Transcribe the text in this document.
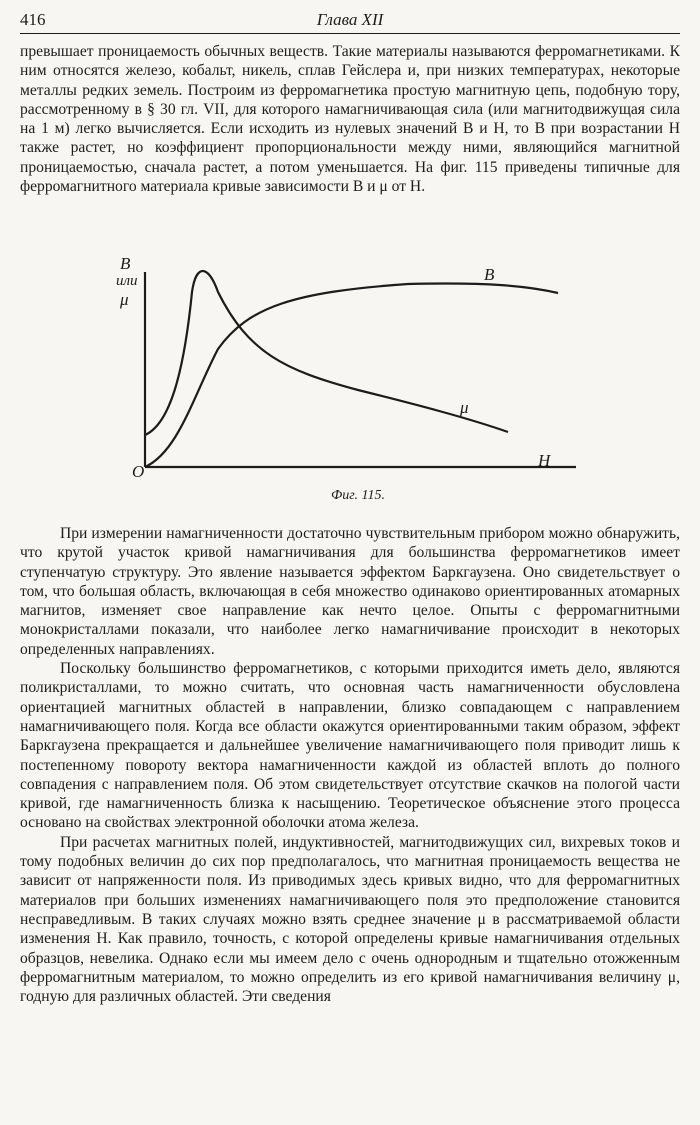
416	Глава XII

превышает проницаемость обычных веществ. Такие материалы называются ферромагнетиками. К ним относятся железо, кобальт, никель, сплав Гейслера и, при низких температурах, некоторые металлы редких земель. Построим из ферромагнетика простую магнитную цепь, подобную тору, рассмотренному в § 30 гл. VII, для которого намагничивающая сила (или магнитодвижущая сила на 1 м) легко вычисляется. Если исходить из нулевых значений B и H, то B при возрастании H также растет, но коэффициент пропорциональности между ними, являющийся магнитной проницаемостью, сначала растет, а потом уменьшается. На фиг. 115 приведены типичные для ферромагнитного материала кривые зависимости B и μ от H.

B
или
μ
O
H
B
μ
Фиг. 115.

При измерении намагниченности достаточно чувствительным прибором можно обнаружить, что крутой участок кривой намагничивания для большинства ферромагнетиков имеет ступенчатую структуру. Это явление называется эффектом Баркгаузена. Оно свидетельствует о том, что большая область, включающая в себя множество одинаково ориентированных атомарных магнитов, изменяет свое направление как нечто целое. Опыты с ферромагнитными монокристаллами показали, что наиболее легко намагничивание происходит в некоторых определенных направлениях.

Поскольку большинство ферромагнетиков, с которыми приходится иметь дело, являются поликристаллами, то можно считать, что основная часть намагниченности обусловлена ориентацией магнитных областей в направлении, близко совпадающем с направлением намагничивающего поля. Когда все области окажутся ориентированными таким образом, эффект Баркгаузена прекращается и дальнейшее увеличение намагничивающего поля приводит лишь к постепенному повороту вектора намагниченности каждой из областей вплоть до полного совпадения с направлением поля. Об этом свидетельствует отсутствие скачков на пологой части кривой, где намагниченность близка к насыщению. Теоретическое объяснение этого процесса основано на свойствах электронной оболочки атома железа.

При расчетах магнитных полей, индуктивностей, магнитодвижущих сил, вихревых токов и тому подобных величин до сих пор предполагалось, что магнитная проницаемость вещества не зависит от напряженности поля. Из приводимых здесь кривых видно, что для ферромагнитных материалов при больших изменениях намагничивающего поля это предположение становится несправедливым. В таких случаях можно взять среднее значение μ в рассматриваемой области изменения H. Как правило, точность, с которой определены кривые намагничивания отдельных образцов, невелика. Однако если мы имеем дело с очень однородным и тщательно отожженным ферромагнитным материалом, то можно определить из его кривой намагничивания величину μ, годную для различных областей. Эти сведения
